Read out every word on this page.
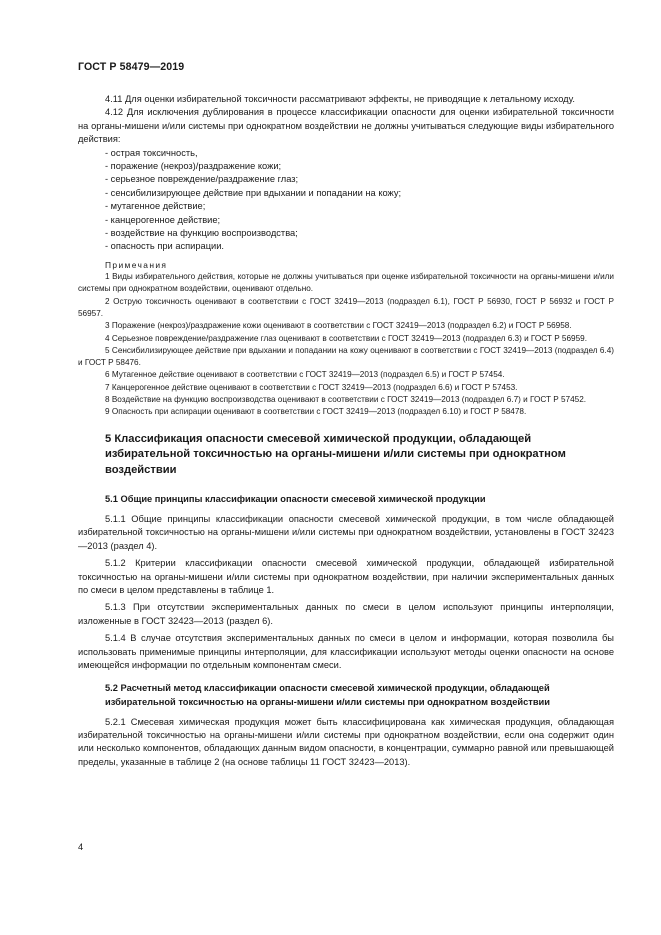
ГОСТ Р 58479—2019

4.11 Для оценки избирательной токсичности рассматривают эффекты, не приводящие к летальному исходу.

4.12 Для исключения дублирования в процессе классификации опасности для оценки избирательной токсичности на органы-мишени и/или системы при однократном воздействии не должны учитываться следующие виды избирательного действия:

- острая токсичность,
- поражение (некроз)/раздражение кожи;
- серьезное повреждение/раздражение глаз;
- сенсибилизирующее действие при вдыхании и попадании на кожу;
- мутагенное действие;
- канцерогенное действие;
- воздействие на функцию воспроизводства;
- опасность при аспирации.

Примечания

1 Виды избирательного действия, которые не должны учитываться при оценке избирательной токсичности на органы-мишени и/или системы при однократном воздействии, оценивают отдельно.

2 Острую токсичность оценивают в соответствии с ГОСТ 32419—2013 (подраздел 6.1), ГОСТ Р 56930, ГОСТ Р 56932 и ГОСТ Р 56957.

3 Поражение (некроз)/раздражение кожи оценивают в соответствии с ГОСТ 32419—2013 (подраздел 6.2) и ГОСТ Р 56958.

4 Серьезное повреждение/раздражение глаз оценивают в соответствии с ГОСТ 32419—2013 (подраздел 6.3) и ГОСТ Р 56959.

5 Сенсибилизирующее действие при вдыхании и попадании на кожу оценивают в соответствии с ГОСТ 32419—2013 (подраздел 6.4) и ГОСТ Р 58476.

6 Мутагенное действие оценивают в соответствии с ГОСТ 32419—2013 (подраздел 6.5) и ГОСТ Р 57454.

7 Канцерогенное действие оценивают в соответствии с ГОСТ 32419—2013 (подраздел 6.6) и ГОСТ Р 57453.

8 Воздействие на функцию воспроизводства оценивают в соответствии с ГОСТ 32419—2013 (подраздел 6.7) и ГОСТ Р 57452.

9 Опасность при аспирации оценивают в соответствии с ГОСТ 32419—2013 (подраздел 6.10) и ГОСТ Р 58478.

5 Классификация опасности смесевой химической продукции, обладающей избирательной токсичностью на органы-мишени и/или системы при однократном воздействии

5.1 Общие принципы классификации опасности смесевой химической продукции

5.1.1 Общие принципы классификации опасности смесевой химической продукции, в том числе обладающей избирательной токсичностью на органы-мишени и/или системы при однократном воздействии, установлены в ГОСТ 32423—2013 (раздел 4).

5.1.2 Критерии классификации опасности смесевой химической продукции, обладающей избирательной токсичностью на органы-мишени и/или системы при однократном воздействии, при наличии экспериментальных данных по смеси в целом представлены в таблице 1.

5.1.3 При отсутствии экспериментальных данных по смеси в целом используют принципы интерполяции, изложенные в ГОСТ 32423—2013 (раздел 6).

5.1.4 В случае отсутствия экспериментальных данных по смеси в целом и информации, которая позволила бы использовать применимые принципы интерполяции, для классификации используют методы оценки опасности на основе имеющейся информации по отдельным компонентам смеси.

5.2 Расчетный метод классификации опасности смесевой химической продукции, обладающей избирательной токсичностью на органы-мишени и/или системы при однократном воздействии

5.2.1 Смесевая химическая продукция может быть классифицирована как химическая продукция, обладающая избирательной токсичностью на органы-мишени и/или системы при однократном воздействии, если она содержит один или несколько компонентов, обладающих данным видом опасности, в концентрации, суммарно равной или превышающей пределы, указанные в таблице 2 (на основе таблицы 11 ГОСТ 32423—2013).

4
